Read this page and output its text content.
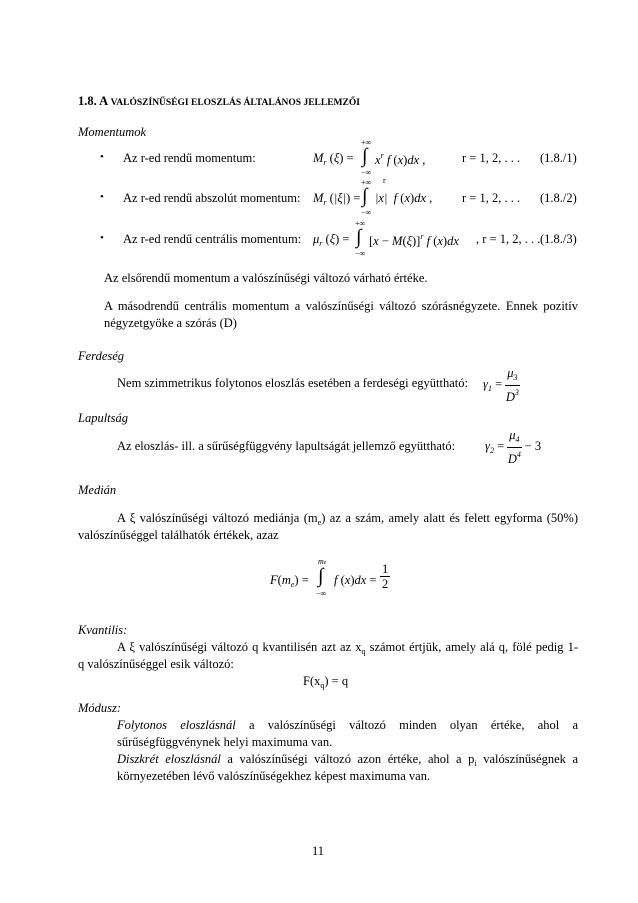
1.8. A VALÓSZÍNŰSÉGI ELOSZLÁS ÁLTALÁNOS JELLEMZŐI
Momentumok
• Az r-ed rendű momentum:	$M_r$ (ξ) =
+∞
∫
−∞
$x^r$ f (x)dx ,	r = 1, 2, . . . (1.8./1)
• Az r-ed rendű abszolút momentum: $M_r$ (|ξ|) =
+∞ r
∫
−∞
|x|  f (x)dx , r = 1, 2, . . . (1.8./2)
• Az r-ed rendű centrális momentum: $\mu_r$ (ξ) =
+∞
∫
−∞
$[x - M(\xi)]^r$ f (x)dx , r = 1, 2, . . . (1.8./3)
Az elsőrendű momentum a valószínűségi változó várható értéke.
A másodrendű centrális momentum a valószínűségi változó szórásnégyzete. Ennek pozitív
négyzetgyöke a szórás (D)
Ferdeség
Nem szimmetrikus folytonos eloszlás esetében a ferdeségi együttható: $\gamma_1 = \frac{\mu_3}{D^3}$
Lapultság
Az eloszlás- ill. a sűrűségfüggvény lapultságát jellemző együttható: $\gamma_2 = \frac{\mu_4}{D^4} - 3$
Medián
A ξ valószínűségi változó mediánja $(m_e)$ az a szám, amely alatt és felett egyforma (50%)
valószínűséggel találhatók értékek, azaz
$F(m_e)$ =
me
∫
−∞
f $(x)dx = \frac{1}{2}$
Kvantilis:
A ξ valószínűségi változó q kvantilisén azt az $x_q$ számot értjük, amely alá q, fölé pedig 1-
q valószínűséggel esik változó:
$F(x_q) = q$
Módusz:
Folytonos eloszlásnál a valószínűségi változó minden olyan értéke, ahol a
sűrűségfüggvénynek helyi maximuma van.
Diszkrét eloszlásnál a valószínűségi változó azon értéke, ahol a $p_i$ valószínűségnek a
környezetében lévő valószínűségekhez képest maximuma van.
11
